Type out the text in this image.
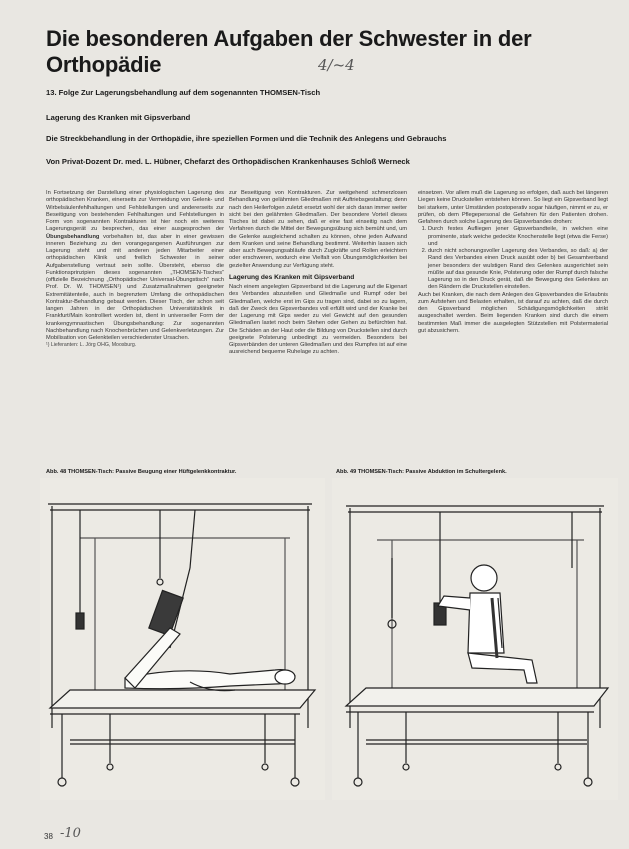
Die besonderen Aufgaben der Schwester in der Orthopädie	4/~4
13. Folge Zur Lagerungsbehandlung auf dem sogenannten THOMSEN-Tisch
Lagerung des Kranken mit Gipsverband
Die Streckbehandlung in der Orthopädie, ihre speziellen Formen und die Technik des Anlegens und Gebrauchs
Von Privat-Dozent Dr. med. L. Hübner, Chefarzt des Orthopädischen Krankenhauses Schloß Werneck

In Fortsetzung der Darstellung einer physiologischen Lagerung des orthopädischen Kranken, einerseits zur Vermeidung von Gelenk- und Wirbelsäulenfehlhaltungen und Fehlstellungen und andererseits zur Beseitigung von bestehenden Fehlhaltungen und Fehlstellungen in Form von sogenannten Kontrakturen ist hier noch ein weiteres Lagerungsgerät zu besprechen, das einer ausgesprochen der Übungsbehandlung vorbehalten ist, das aber in einer gewissen inneren Beziehung zu den vorangegangenen Ausführungen zur Lagerung steht und mit anderen jeden Mitarbeiter einer orthopädischen Klinik und freilich Schwester in seiner Aufgabenstellung vertraut sein sollte. Übersteht, ebenso die Funktionsprinzipien dieses sogenannten „THOMSEN-Tisches“ (offizielle Bezeichnung „Orthopädischer Universal-Übungstisch“ nach Prof. Dr. W. THOMSEN¹) und Zusatzmaßnahmen geeigneter Extremitätenteile, auch in begrenztem Umfang die orthopädischen Kontraktur-Behandlung gebaut werden. Dieser Tisch, der schon seit langen Jahren in der Orthopädischen Universitätsklinik in Frankfurt/Main kontrolliert worden ist, dient in universeller Form der krankengymnastischen Übungsbehandlung: Zur sogenannten Nachbehandlung nach Knochenbrüchen und Gelenkverletzungen. Zur Mobilisation von Gelenkteilen verschiedenster Ursachen.

¹) Lieferanten: L. Jörg OHG, Moosburg.

zur Beseitigung von Kontrakturen. Zur weitgehend schmerzlosen Behandlung von gelähmten Gliedmaßen mit Auftriebsgestaltung; denn nach den Heilerfolgen zuletzt ersetzt wohl der sich daran immer weiter sicht bei den gelähmten Gliedmaßen. Der besondere Vorteil dieses Tisches ist dabei zu sehen, daß er eine fast einseitig nach dem Verfahren durch die Mittel der Bewegungsübung sich bemüht und, um die Gelenke ausgleichend schalten zu können, ohne jeden Aufwand dem Kranken und seine Behandlung bestimmt. Weiterhin lassen sich aber auch Bewegungsabläufe durch Zugkräfte und Rollen erleichtern oder erschweren, wodurch eine Vielfalt von Übungsmöglichkeiten bei gezielter Anwendung zur Verfügung steht.

Lagerung des Kranken mit Gipsverband

Nach einem angelegten Gipsverband ist die Lagerung auf die Eigenart des Verbandes abzustellen und Gliedmaße und Rumpf oder bei Gliedmaßen, welche erst im Gips zu tragen sind, dabei so zu lagern, daß der Zweck des Gipsverbandes voll erfüllt wird und der Kranke bei der Lagerung mit Gips weder zu viel Gewicht auf den gesunden Gliedmaßen lastet noch beim Stehen oder Gehen zu befürchten hat. Die Schäden an der Haut oder die Bildung von Druckstellen sind durch geeignete Polsterung unbedingt zu vermeiden. Besonders bei Gipsverbänden der unteren Gliedmaßen und des Rumpfes ist auf eine ausreichend bequeme Ruhelage zu achten.

einsetzen. Vor allem muß die Lagerung so erfolgen, daß auch bei längeren Liegen keine Druckstellen entstehen können. So liegt ein Gipsverband liegt bei starkem, unter Umständen postoperativ sogar häufigen, nimmt er zu, er prüfen, ob dem Pflegepersonal die Gefahren für den Patienten drohen. Gefahren durch solche Lagerung des Gipsverbandes drohen:

1. Durch festes Aufliegen jener Gipsverbandteile, in welchen eine prominente, stark weiche gedeckte Knochenstelle liegt (etwa die Ferse) und
2. durch nicht schonungsvoller Lagerung des Verbandes, so daß: a) der Rand des Verbandes einen Druck ausübt oder b) bei Gesamtverband jener besonders der wulstigen Rand des Gelenkes ausgerichtet sein müßte auf das gesunde Knie, Polsterung oder der Rumpf durch falsche Lagerung so in den Druck gerät, daß die Bewegung des Gelenkes an den Rändern die Druckstellen einstellen.

Auch bei Kranken, die nach dem Anlegen des Gipsverbandes die Erlaubnis zum Aufstehen und Belasten erhalten, ist darauf zu achten, daß die durch den Gipsverband möglichen Schädigungsmöglichkeiten strikt ausgeschaltet werden. Beim liegenden Kranken sind durch die einem bestimmten Maß immer die ausgelegten Stützstellen mit Polstermaterial gut abzusichern.

Abb. 48 THOMSEN-Tisch: Passive Beugung einer Hüftgelenkkontraktur.	Abb. 49 THOMSEN-Tisch: Passive Abduktion im Schultergelenk.
38 -10
